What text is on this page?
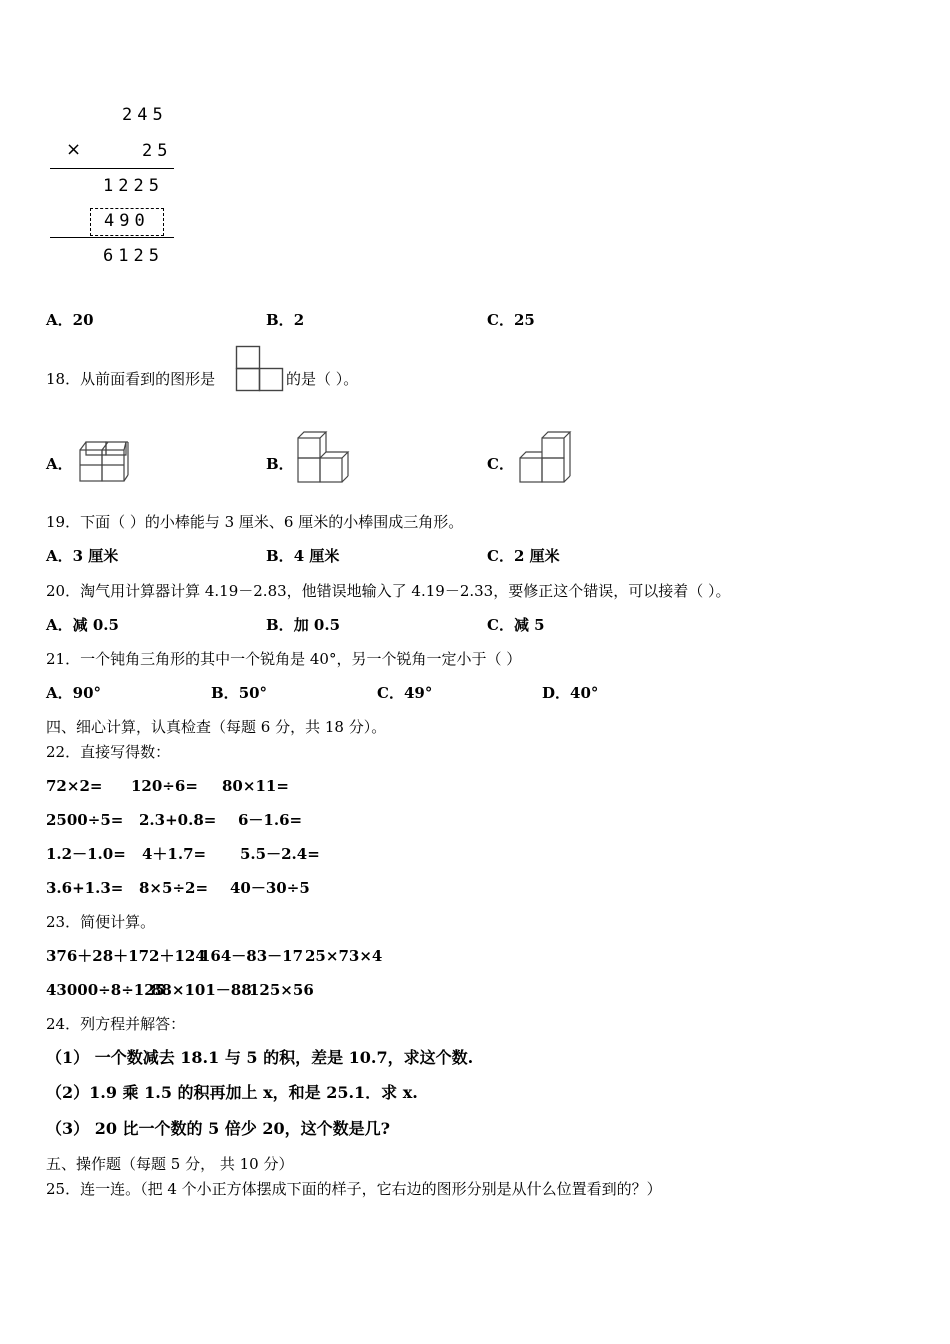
245
×	25
1225
490
6125
A．20	B．2	C．25
18．从前面看到的图形是	的是（ ）。
A．	B．	C．
19．下面（ ）的小棒能与 3 厘米、6 厘米的小棒围成三角形。
A．3 厘米	B．4 厘米	C．2 厘米
20．淘气用计算器计算 4.19－2.83，他错误地输入了 4.19－2.33，要修正这个错误，可以接着（ ）。
A．减 0.5	B．加 0.5	C．减 5
21．一个钝角三角形的其中一个锐角是 40°，另一个锐角一定小于（ ）
A．90°	B．50°	C．49°	D．40°
四、细心计算，认真检查（每题 6 分，共 18 分）。
22．直接写得数：
72×2= 120÷6= 80×11=
2500÷5= 2.3+0.8= 6－1.6=
1.2－1.0= 4＋1.7= 5.5－2.4=
3.6+1.3= 8×5÷2= 40－30÷5
23．简便计算。
376＋28＋172＋124
164－83－17 25×73×4
43000÷8÷125
88×101－88
125×56
24．列方程并解答：
（1） 一个数减去 18.1 与 5 的积，差是 10.7，求这个数.
（2）1.9 乘 1.5 的积再加上 x，和是 25.1．求 x.
（3） 20 比一个数的 5 倍少 20，这个数是几?
五、操作题（每题 5 分， 共 10 分）
25．连一连。（把 4 个小正方体摆成下面的样子，它右边的图形分别是从什么位置看到的？）
